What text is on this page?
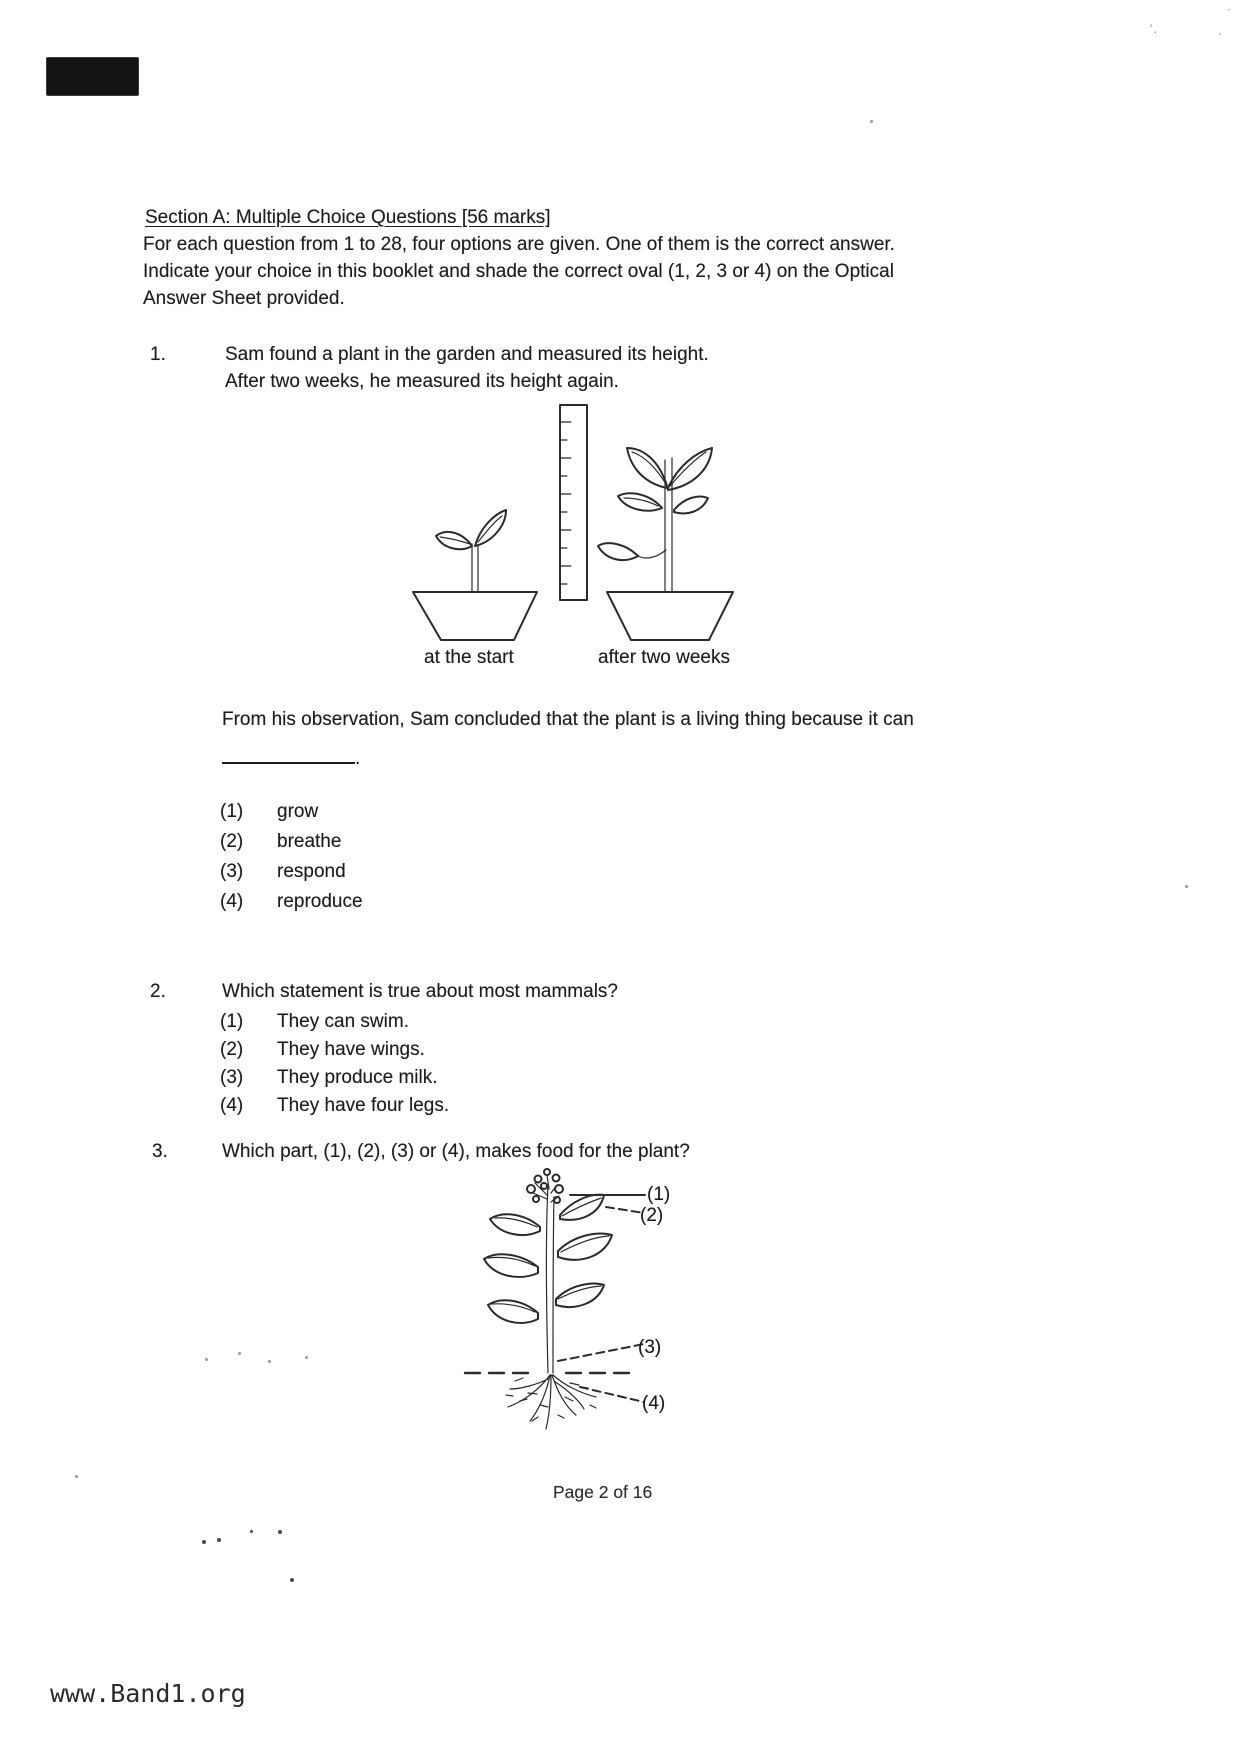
′ ․	․
·
Section A: Multiple Choice Questions [56 marks]
For each question from 1 to 28, four options are given. One of them is the correct answer.
Indicate your choice in this booklet and shade the correct oval (1, 2, 3 or 4) on the Optical
Answer Sheet provided.
1.	Sam found a plant in the garden and measured its height.
After two weeks, he measured its height again.
at the start	after two weeks
From his observation, Sam concluded that the plant is a living thing because it can
.
(1) grow
(2) breathe
(3) respond
(4) reproduce
2.	Which statement is true about most mammals?
(1) They can swim.
(2) They have wings.
(3) They produce milk.
(4) They have four legs.
3.	Which part, (1), (2), (3) or (4), makes food for the plant?
(1)
(2)
(3)
(4)
Page 2 of 16
www.Band1.org
